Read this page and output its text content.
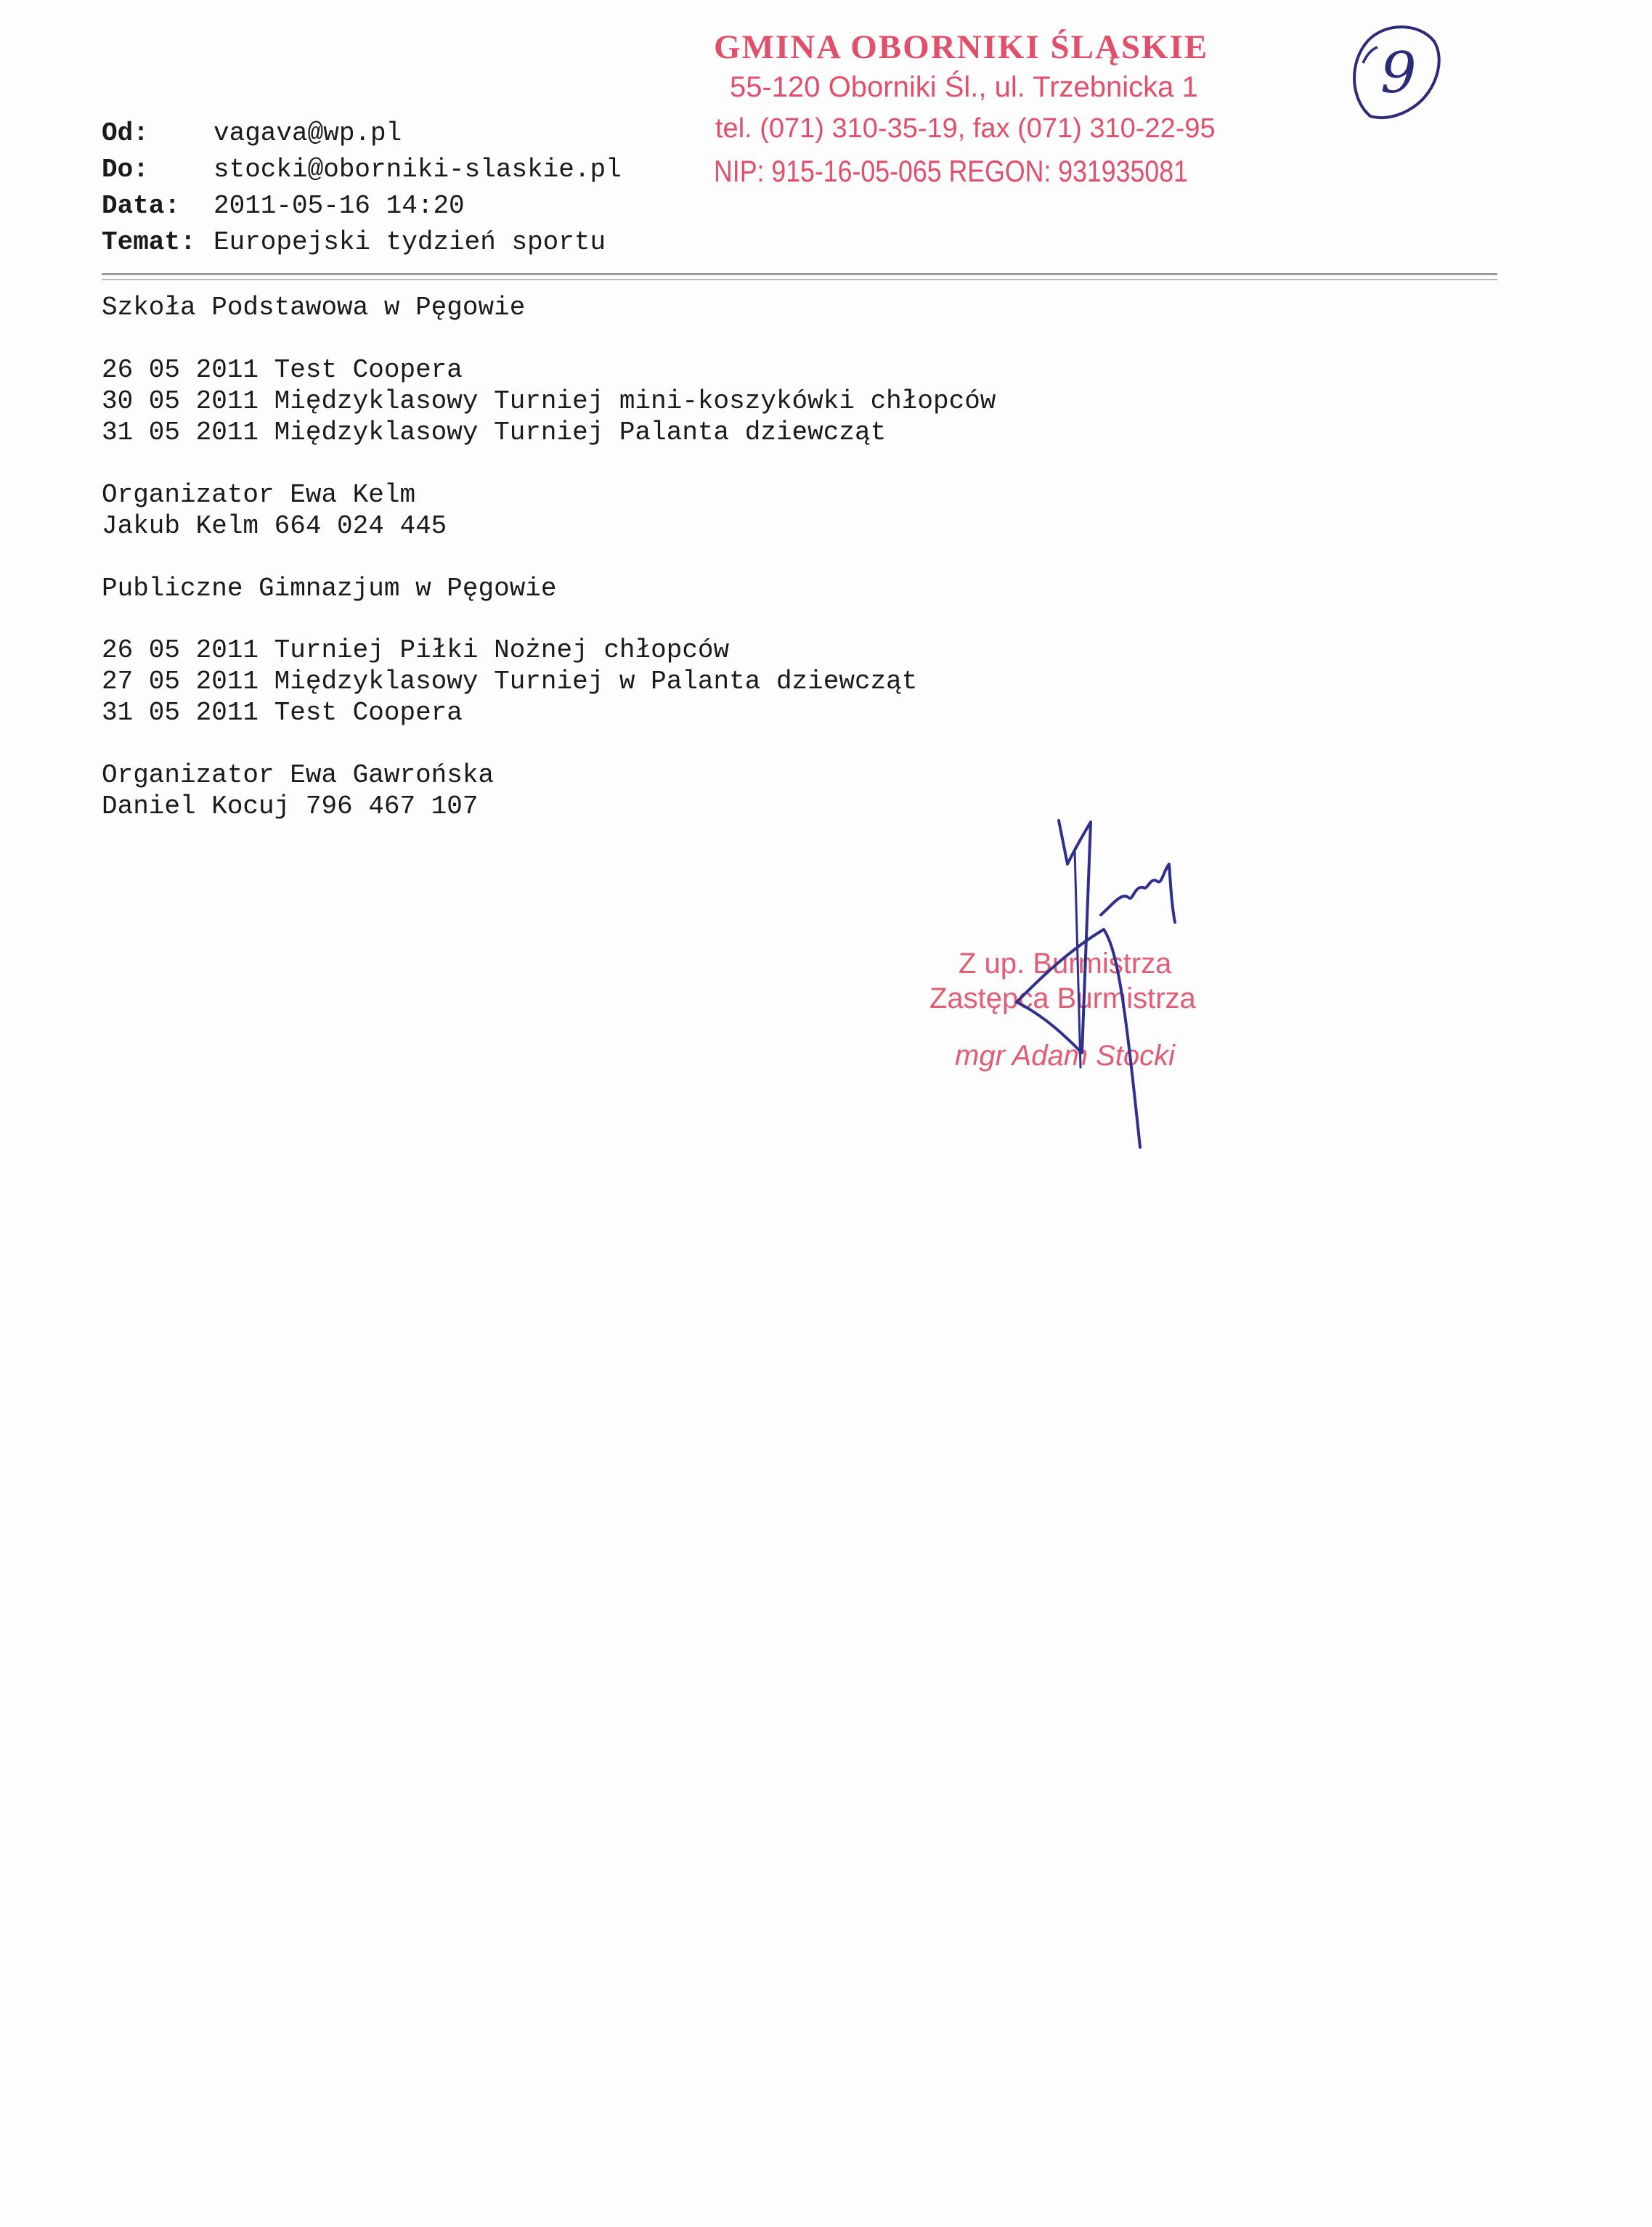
GMINA OBORNIKI ŚLĄSKIE
55-120 Oborniki Śl., ul. Trzebnicka 1
tel. (071) 310-35-19, fax (071) 310-22-95
NIP: 915-16-05-065 REGON: 931935081
9
Od: vagava@wp.pl
Do: stocki@oborniki-slaskie.pl
Data: 2011-05-16 14:20
Temat: Europejski tydzień sportu
Szkoła Podstawowa w Pęgowie
26 05 2011 Test Coopera
30 05 2011 Międzyklasowy Turniej mini-koszykówki chłopców
31 05 2011 Międzyklasowy Turniej Palanta dziewcząt
Organizator Ewa Kelm
Jakub Kelm 664 024 445
Publiczne Gimnazjum w Pęgowie
26 05 2011 Turniej Piłki Nożnej chłopców
27 05 2011 Międzyklasowy Turniej w Palanta dziewcząt
31 05 2011 Test Coopera
Organizator Ewa Gawrońska
Daniel Kocuj 796 467 107
Z up. Burmistrza
Zastępca Burmistrza
mgr Adam Stocki
